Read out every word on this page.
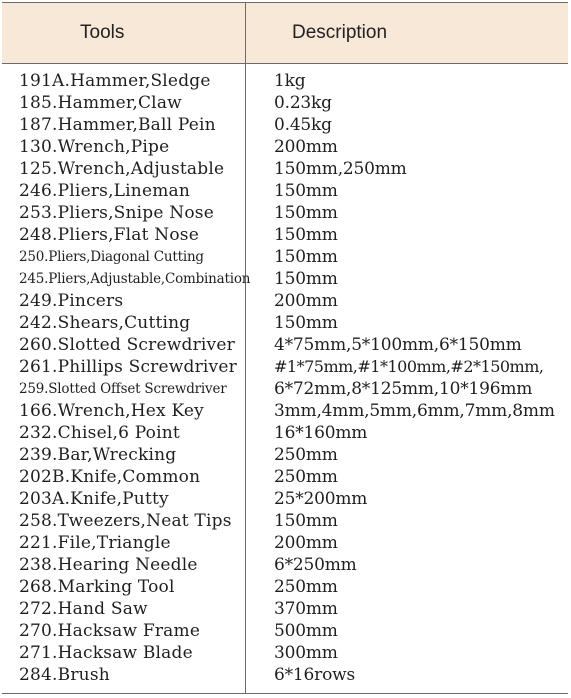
Tools	Description
191A.Hammer,Sledge	1kg
185.Hammer,Claw	0.23kg
187.Hammer,Ball Pein	0.45kg
130.Wrench,Pipe	200mm
125.Wrench,Adjustable	150mm,250mm
246.Pliers,Lineman	150mm
253.Pliers,Snipe Nose	150mm
248.Pliers,Flat Nose	150mm
250.Pliers,Diagonal Cutting	150mm
245.Pliers,Adjustable,Combination 150mm
249.Pincers	200mm
242.Shears,Cutting	150mm
260.Slotted Screwdriver 4*75mm,5*100mm,6*150mm
261.Phillips Screwdriver #1*75mm,#1*100mm,#2*150mm,
259.Slotted Offset Screwdriver	6*72mm,8*125mm,10*196mm
166.Wrench,Hex Key	3mm,4mm,5mm,6mm,7mm,8mm
232.Chisel,6 Point	16*160mm
239.Bar,Wrecking	250mm
202B.Knife,Common	250mm
203A.Knife,Putty	25*200mm
258.Tweezers,Neat Tips 150mm
221.File,Triangle	200mm
238.Hearing Needle	6*250mm
268.Marking Tool	250mm
272.Hand Saw	370mm
270.Hacksaw Frame	500mm
271.Hacksaw Blade	300mm
284.Brush	6*16rows
